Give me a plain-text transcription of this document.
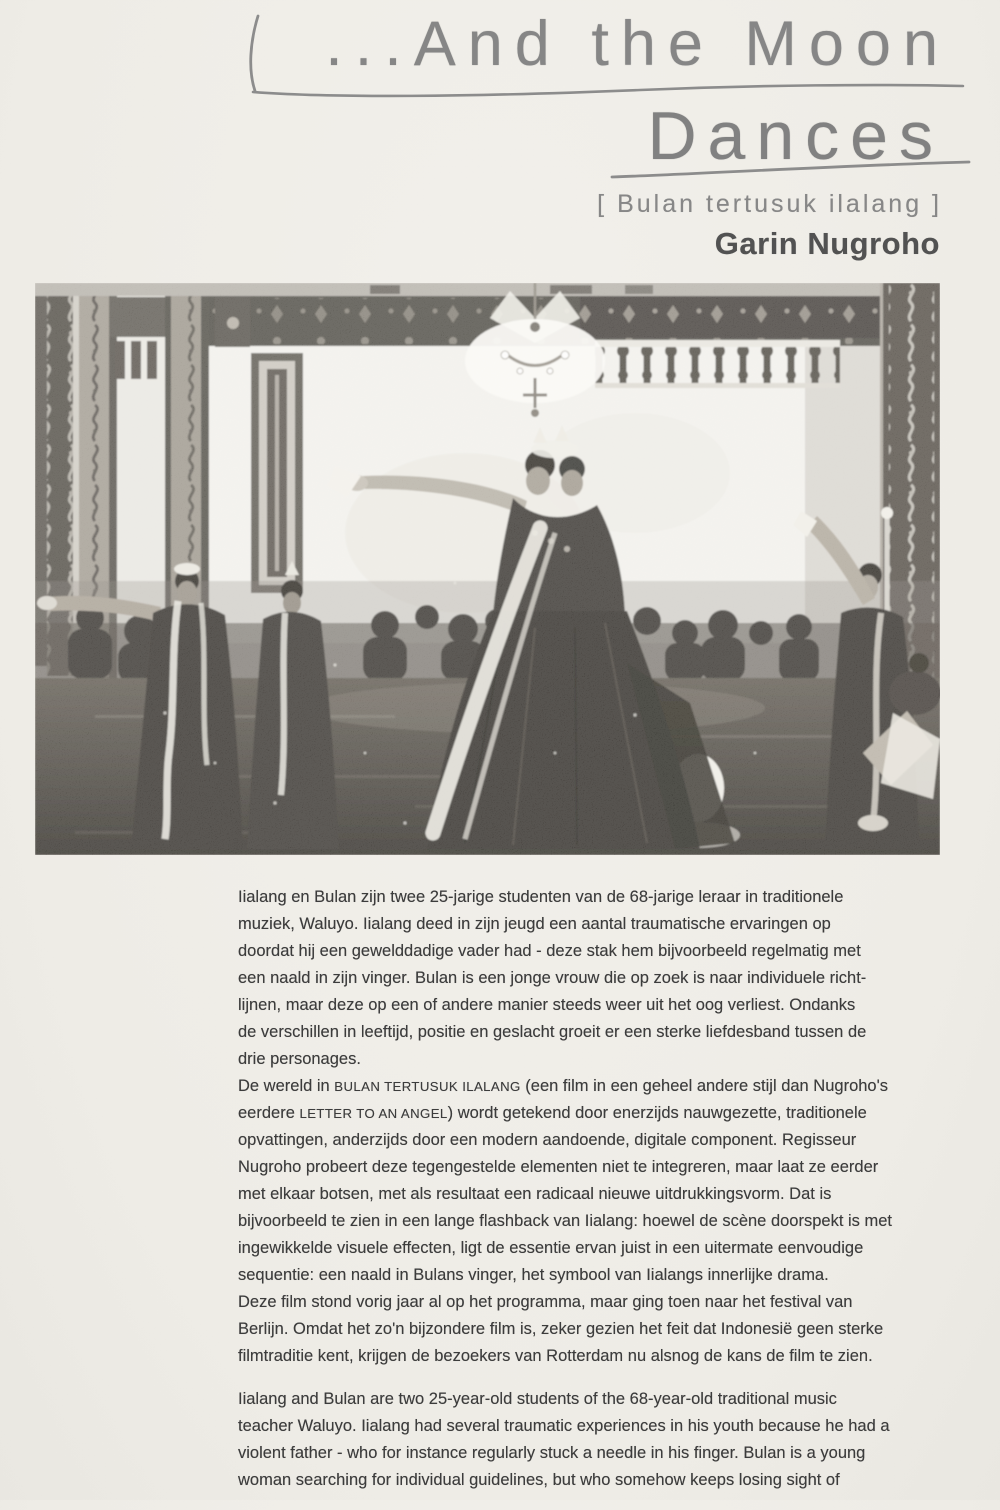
...And the Moon
Dances
[ Bulan tertusuk ilalang ]
Garin Nugroho
Iialang en Bulan zijn twee 25-jarige studenten van de 68-jarige leraar in traditionele
muziek, Waluyo. Iialang deed in zijn jeugd een aantal traumatische ervaringen op
doordat hij een gewelddadige vader had - deze stak hem bijvoorbeeld regelmatig met
een naald in zijn vinger. Bulan is een jonge vrouw die op zoek is naar individuele richt-
lijnen, maar deze op een of andere manier steeds weer uit het oog verliest. Ondanks
de verschillen in leeftijd, positie en geslacht groeit er een sterke liefdesband tussen de
drie personages.
De wereld in BULAN TERTUSUK ILALANG (een film in een geheel andere stijl dan Nugroho's
eerdere LETTER TO AN ANGEL) wordt getekend door enerzijds nauwgezette, traditionele
opvattingen, anderzijds door een modern aandoende, digitale component. Regisseur
Nugroho probeert deze tegengestelde elementen niet te integreren, maar laat ze eerder
met elkaar botsen, met als resultaat een radicaal nieuwe uitdrukkingsvorm. Dat is
bijvoorbeeld te zien in een lange flashback van Iialang: hoewel de scène doorspekt is met
ingewikkelde visuele effecten, ligt de essentie ervan juist in een uitermate eenvoudige
sequentie: een naald in Bulans vinger, het symbool van Iialangs innerlijke drama.
Deze film stond vorig jaar al op het programma, maar ging toen naar het festival van
Berlijn. Omdat het zo'n bijzondere film is, zeker gezien het feit dat Indonesië geen sterke
filmtraditie kent, krijgen de bezoekers van Rotterdam nu alsnog de kans de film te zien.
Iialang and Bulan are two 25-year-old students of the 68-year-old traditional music
teacher Waluyo. Iialang had several traumatic experiences in his youth because he had a
violent father - who for instance regularly stuck a needle in his finger. Bulan is a young
woman searching for individual guidelines, but who somehow keeps losing sight of
